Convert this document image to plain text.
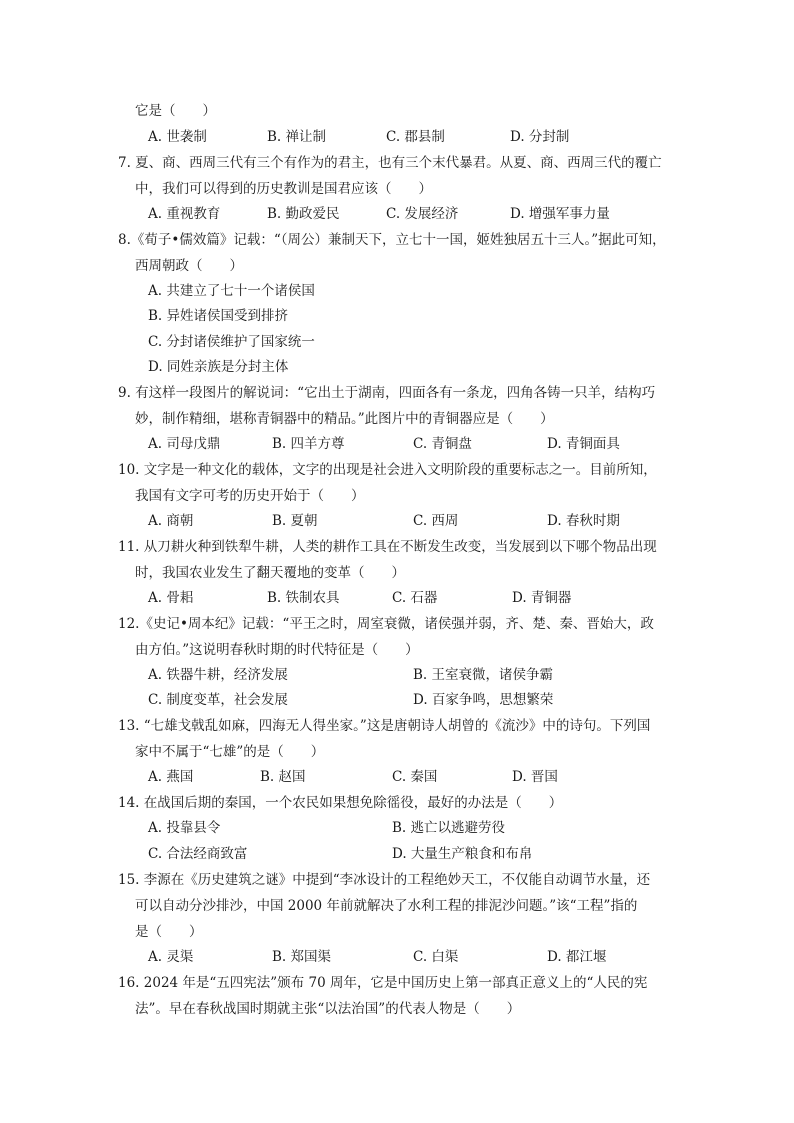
它是（　　）
A. 世袭制	B. 禅让制	C. 郡县制	D. 分封制
7. 夏、商、西周三代有三个有作为的君主，也有三个末代暴君。从夏、商、西周三代的覆亡
中，我们可以得到的历史教训是国君应该（　　）
A. 重视教育	B. 勤政爱民	C. 发展经济	D. 增强军事力量
8.《荀子•儒效篇》记载：“（周公）兼制天下，立七十一国，姬姓独居五十三人。”据此可知，
西周朝政（　　）
A. 共建立了七十一个诸侯国
B. 异姓诸侯国受到排挤
C. 分封诸侯维护了国家统一
D. 同姓亲族是分封主体
9. 有这样一段图片的解说词：“它出土于湖南，四面各有一条龙，四角各铸一只羊，结构巧
妙，制作精细，堪称青铜器中的精品。”此图片中的青铜器应是（　　）
A. 司母戊鼎	B. 四羊方尊	C. 青铜盘	D. 青铜面具
10. 文字是一种文化的载体，文字的出现是社会进入文明阶段的重要标志之一。目前所知，
我国有文字可考的历史开始于（　　）
A. 商朝	B. 夏朝	C. 西周	D. 春秋时期
11. 从刀耕火种到铁犁牛耕，人类的耕作工具在不断发生改变，当发展到以下哪个物品出现
时，我国农业发生了翻天覆地的变革（　　）
A. 骨耜	B. 铁制农具	C. 石器	D. 青铜器
12.《史记•周本纪》记载：“平王之时，周室衰微，诸侯强并弱，齐、楚、秦、晋始大，政
由方伯。”这说明春秋时期的时代特征是（　　）
A. 铁器牛耕，经济发展	B. 王室衰微，诸侯争霸
C. 制度变革，社会发展	D. 百家争鸣，思想繁荣
13. “七雄戈戟乱如麻，四海无人得坐家。”这是唐朝诗人胡曾的《流沙》中的诗句。下列国
家中不属于“七雄”的是（　　）
A. 燕国	B. 赵国	C. 秦国	D. 晋国
14. 在战国后期的秦国，一个农民如果想免除徭役，最好的办法是（　　）
A. 投靠县令	B. 逃亡以逃避劳役
C. 合法经商致富	D. 大量生产粮食和布帛
15. 李源在《历史建筑之谜》中提到“李冰设计的工程绝妙天工，不仅能自动调节水量，还
可以自动分沙排沙，中国 2000 年前就解决了水利工程的排泥沙问题。”该“工程”指的
是（　　）
A. 灵渠	B. 郑国渠	C. 白渠	D. 都江堰
16. 2024 年是“五四宪法”颁布 70 周年，它是中国历史上第一部真正意义上的“人民的宪
法”。早在春秋战国时期就主张“以法治国”的代表人物是（　　）
